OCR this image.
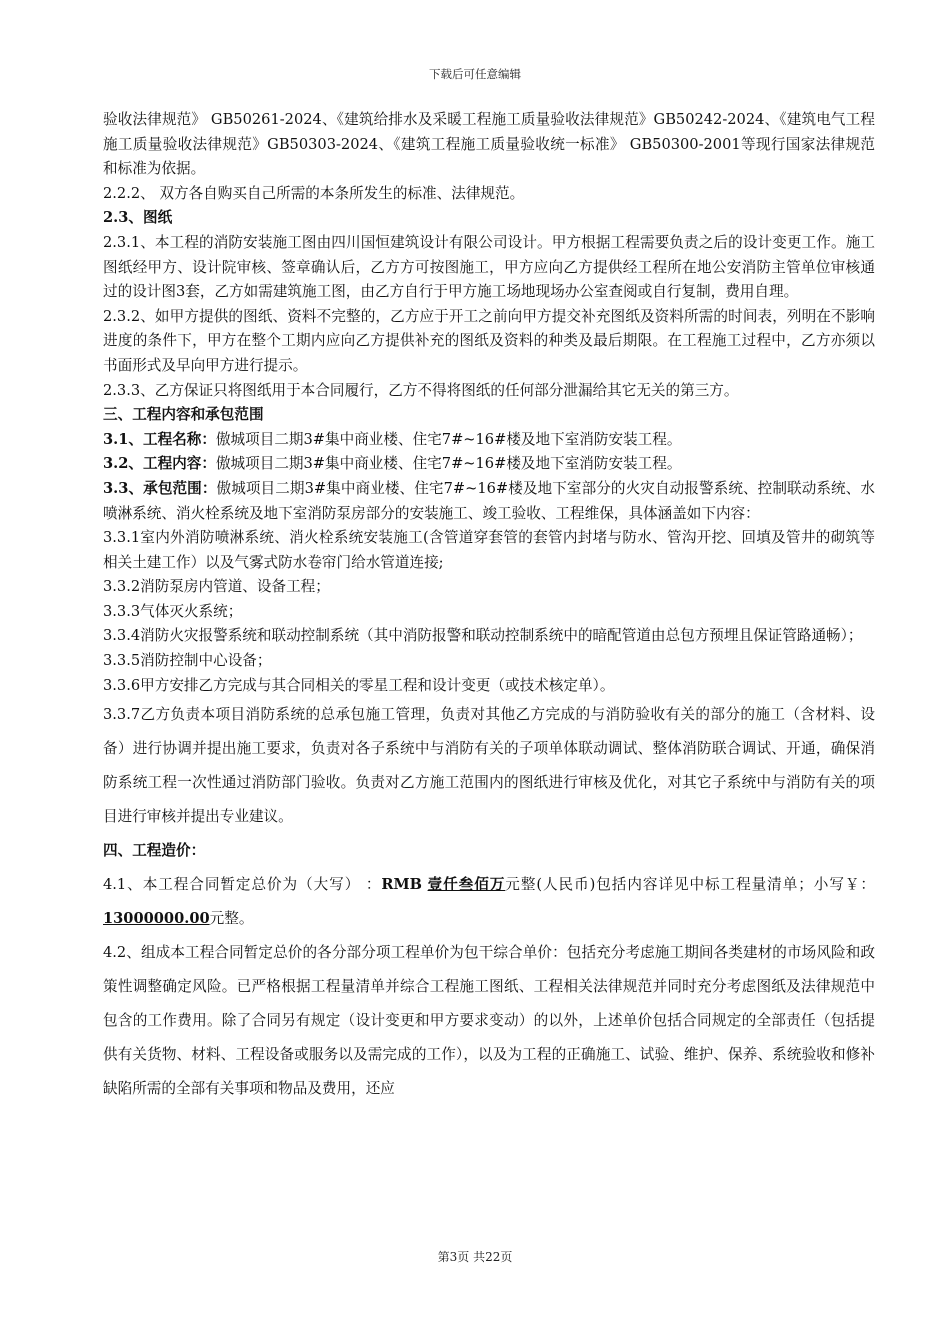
下载后可任意编辑

验收法律规范》 GB50261-2024、《建筑给排水及采暖工程施工质量验收法律规范》GB50242-2024、《建筑电气工程施工质量验收法律规范》GB50303-2024、《建筑工程施工质量验收统一标准》 GB50300-2001等现行国家法律规范和标准为依据。

2.2.2、 双方各自购买自己所需的本条所发生的标准、法律规范。

2.3、图纸

2.3.1、本工程的消防安装施工图由四川国恒建筑设计有限公司设计。甲方根据工程需要负责之后的设计变更工作。施工图纸经甲方、设计院审核、签章确认后，乙方方可按图施工，甲方应向乙方提供经工程所在地公安消防主管单位审核通过的设计图3套，乙方如需建筑施工图，由乙方自行于甲方施工场地现场办公室查阅或自行复制，费用自理。

2.3.2、如甲方提供的图纸、资料不完整的，乙方应于开工之前向甲方提交补充图纸及资料所需的时间表，列明在不影响进度的条件下，甲方在整个工期内应向乙方提供补充的图纸及资料的种类及最后期限。在工程施工过程中，乙方亦须以书面形式及早向甲方进行提示。

2.3.3、乙方保证只将图纸用于本合同履行，乙方不得将图纸的任何部分泄漏给其它无关的第三方。

三、工程内容和承包范围

3.1、工程名称：傲城项目二期3#集中商业楼、住宅7#~16#楼及地下室消防安装工程。

3.2、工程内容：傲城项目二期3#集中商业楼、住宅7#~16#楼及地下室消防安装工程。

3.3、承包范围：傲城项目二期3#集中商业楼、住宅7#~16#楼及地下室部分的火灾自动报警系统、控制联动系统、水喷淋系统、消火栓系统及地下室消防泵房部分的安装施工、竣工验收、工程维保，具体涵盖如下内容：

3.3.1室内外消防喷淋系统、消火栓系统安装施工(含管道穿套管的套管内封堵与防水、管沟开挖、回填及管井的砌筑等相关土建工作）以及气雾式防水卷帘门给水管道连接;

3.3.2消防泵房内管道、设备工程；

3.3.3气体灭火系统；

3.3.4消防火灾报警系统和联动控制系统（其中消防报警和联动控制系统中的暗配管道由总包方预埋且保证管路通畅）；

3.3.5消防控制中心设备；

3.3.6甲方安排乙方完成与其合同相关的零星工程和设计变更（或技术核定单）。

3.3.7乙方负责本项目消防系统的总承包施工管理，负责对其他乙方完成的与消防验收有关的部分的施工（含材料、设备）进行协调并提出施工要求，负责对各子系统中与消防有关的子项单体联动调试、整体消防联合调试、开通，确保消防系统工程一次性通过消防部门验收。负责对乙方施工范围内的图纸进行审核及优化，对其它子系统中与消防有关的项目进行审核并提出专业建议。

四、工程造价：

4.1、本工程合同暂定总价为（大写） ：RMB 壹仟叁佰万元整(人民币)包括内容详见中标工程量清单；小写￥：13000000.00元整。

4.2、组成本工程合同暂定总价的各分部分项工程单价为包干综合单价：包括充分考虑施工期间各类建材的市场风险和政策性调整确定风险。已严格根据工程量清单并综合工程施工图纸、工程相关法律规范并同时充分考虑图纸及法律规范中包含的工作费用。除了合同另有规定（设计变更和甲方要求变动）的以外，上述单价包括合同规定的全部责任（包括提供有关货物、材料、工程设备或服务以及需完成的工作），以及为工程的正确施工、试验、维护、保养、系统验收和修补缺陷所需的全部有关事项和物品及费用，还应

第3页 共22页
